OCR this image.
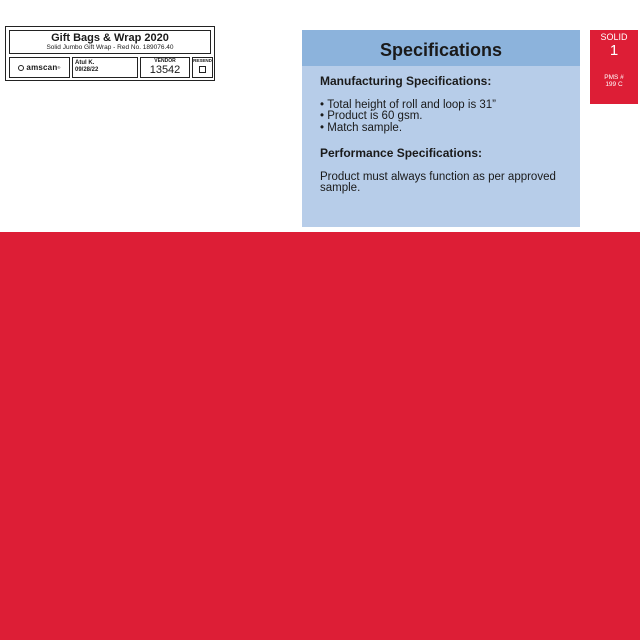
Gift Bags & Wrap 2020
Solid Jumbo Gift Wrap - Red No. 189076.40
amscan ®
Atul K.
09/28/22
VENDOR
13542
RESEND
Specifications

Manufacturing Specifications:

• Total height of roll and loop is 31”
• Product is 60 gsm.
• Match sample.

Performance Specifications:

Product must always function as per approved sample.

SOLID
1
PMS #
199 C
